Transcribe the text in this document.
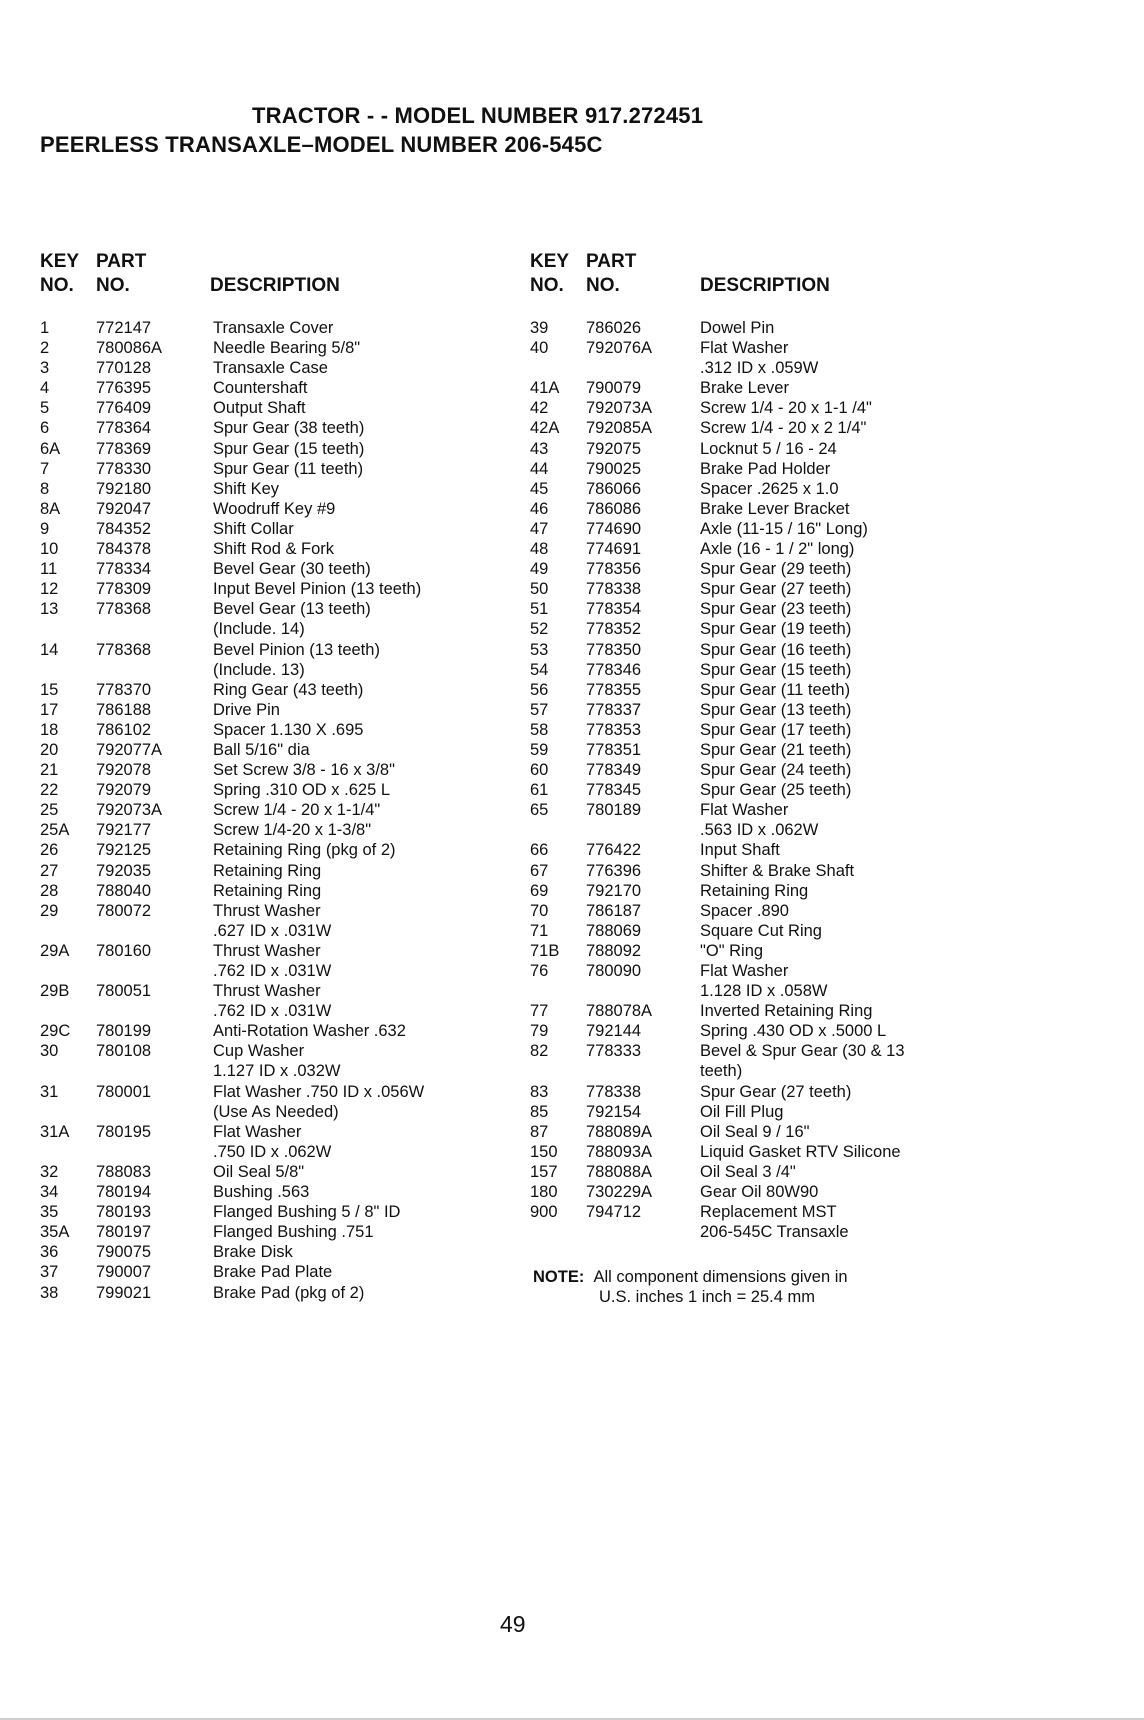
TRACTOR - - MODEL NUMBER 917.272451
PEERLESS TRANSAXLE–MODEL NUMBER 206-545C
KEY PART
NO. NO.	DESCRIPTION
KEY PART
NO. NO.	DESCRIPTION
1	772147	Transaxle Cover
2	780086A	Needle Bearing 5/8"
3	770128	Transaxle Case
4	776395	Countershaft
5	776409	Output Shaft
6	778364	Spur Gear (38 teeth)
6A 778369	Spur Gear (15 teeth)
7	778330	Spur Gear (11 teeth)
8	792180	Shift Key
8A 792047	Woodruff Key #9
9	784352	Shift Collar
10 784378	Shift Rod & Fork
11 778334	Bevel Gear (30 teeth)
12 778309	Input Bevel Pinion (13 teeth)
13 778368	Bevel Gear (13 teeth)
(Include. 14)
14 778368	Bevel Pinion (13 teeth)
(Include. 13)
15 778370	Ring Gear (43 teeth)
17 786188	Drive Pin
18 786102	Spacer 1.130 X .695
20 792077A	Ball 5/16" dia
21 792078	Set Screw 3/8 - 16 x 3/8"
22 792079	Spring .310 OD x .625 L
25 792073A	Screw 1/4 - 20 x 1-1/4"
25A 792177	Screw 1/4-20 x 1-3/8"
26 792125	Retaining Ring (pkg of 2)
27 792035	Retaining Ring
28 788040	Retaining Ring
29 780072	Thrust Washer
.627 ID x .031W
29A 780160	Thrust Washer
.762 ID x .031W
29B 780051	Thrust Washer
.762 ID x .031W
29C 780199	Anti-Rotation Washer .632
30 780108	Cup Washer
1.127 ID x .032W
31 780001	Flat Washer .750 ID x .056W
(Use As Needed)
31A 780195	Flat Washer
.750 ID x .062W
32 788083	Oil Seal 5/8"
34 780194	Bushing .563
35 780193	Flanged Bushing 5 / 8" ID
35A 780197	Flanged Bushing .751
36 790075	Brake Disk
37 790007	Brake Pad Plate
38 799021	Brake Pad (pkg of 2)
39 786026	Dowel Pin
40 792076A	Flat Washer
.312 ID x .059W
41A 790079	Brake Lever
42 792073A	Screw 1/4 - 20 x 1-1 /4"
42A 792085A	Screw 1/4 - 20 x 2 1/4"
43 792075	Locknut 5 / 16 - 24
44 790025	Brake Pad Holder
45 786066	Spacer .2625 x 1.0
46 786086	Brake Lever Bracket
47 774690	Axle (11-15 / 16" Long)
48 774691	Axle (16 - 1 / 2" long)
49 778356	Spur Gear (29 teeth)
50 778338	Spur Gear (27 teeth)
51 778354	Spur Gear (23 teeth)
52 778352	Spur Gear (19 teeth)
53 778350	Spur Gear (16 teeth)
54 778346	Spur Gear (15 teeth)
56 778355	Spur Gear (11 teeth)
57 778337	Spur Gear (13 teeth)
58 778353	Spur Gear (17 teeth)
59 778351	Spur Gear (21 teeth)
60 778349	Spur Gear (24 teeth)
61 778345	Spur Gear (25 teeth)
65 780189	Flat Washer
.563 ID x .062W
66 776422	Input Shaft
67 776396	Shifter & Brake Shaft
69 792170	Retaining Ring
70 786187	Spacer .890
71 788069	Square Cut Ring
71B 788092	"O" Ring
76 780090	Flat Washer
1.128 ID x .058W
77 788078A	Inverted Retaining Ring
79 792144	Spring .430 OD x .5000 L
82 778333	Bevel & Spur Gear (30 & 13
teeth)
83 778338	Spur Gear (27 teeth)
85 792154	Oil Fill Plug
87 788089A	Oil Seal 9 / 16"
150 788093A	Liquid Gasket RTV Silicone
157 788088A	Oil Seal 3 /4"
180 730229A	Gear Oil 80W90
900 794712	Replacement MST
206-545C Transaxle
NOTE: All component dimensions given in
U.S. inches 1 inch = 25.4 mm
49
